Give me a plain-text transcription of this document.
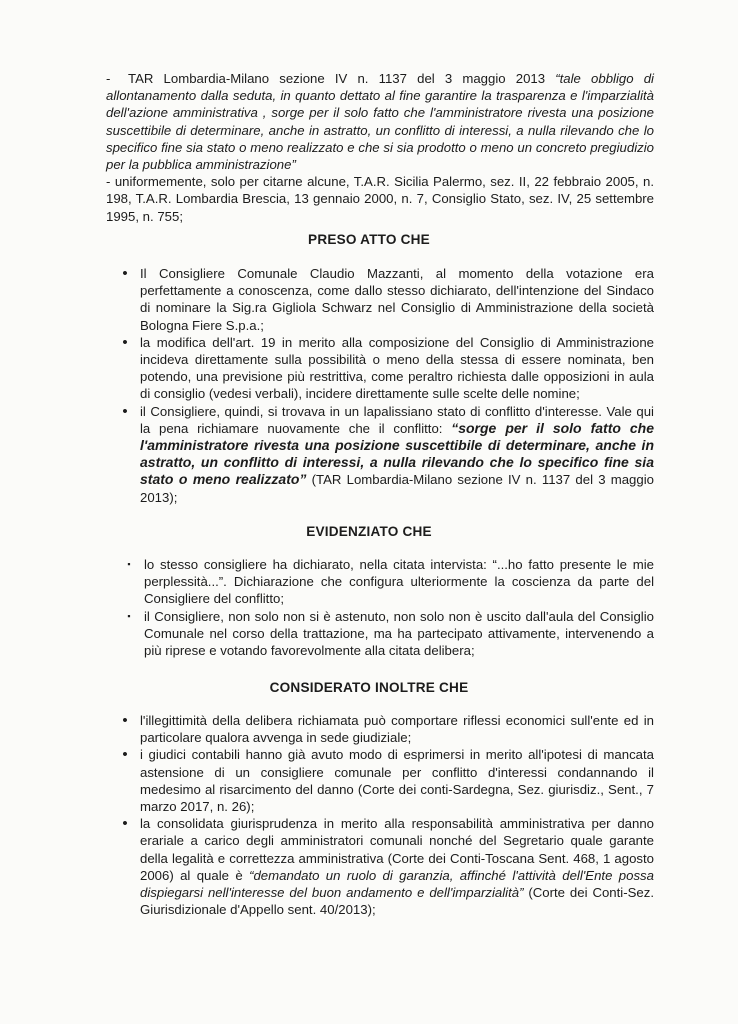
- TAR Lombardia-Milano sezione IV n. 1137 del 3 maggio 2013 “tale obbligo di allontanamento dalla seduta, in quanto dettato al fine garantire la trasparenza e l'imparzialità dell'azione amministrativa , sorge per il solo fatto che l'amministratore rivesta una posizione suscettibile di determinare, anche in astratto, un conflitto di interessi, a nulla rilevando che lo specifico fine sia stato o meno realizzato e che si sia prodotto o meno un concreto pregiudizio per la pubblica amministrazione”

- uniformemente, solo per citarne alcune, T.A.R. Sicilia Palermo, sez. II, 22 febbraio 2005, n. 198, T.A.R. Lombardia Brescia, 13 gennaio 2000, n. 7, Consiglio Stato, sez. IV, 25 settembre 1995, n. 755;

PRESO ATTO CHE
• Il Consigliere Comunale Claudio Mazzanti, al momento della votazione era perfettamente a conoscenza, come dallo stesso dichiarato, dell'intenzione del Sindaco di nominare la Sig.ra Gigliola Schwarz nel Consiglio di Amministrazione della società Bologna Fiere S.p.a.;
• la modifica dell'art. 19 in merito alla composizione del Consiglio di Amministrazione incideva direttamente sulla possibilità o meno della stessa di essere nominata, ben potendo, una previsione più restrittiva, come peraltro richiesta dalle opposizioni in aula di consiglio (vedesi verbali), incidere direttamente sulle scelte delle nomine;
• il Consigliere, quindi, si trovava in un lapalissiano stato di conflitto d'interesse. Vale qui la pena richiamare nuovamente che il conflitto: “sorge per il solo fatto che l'amministratore rivesta una posizione suscettibile di determinare, anche in astratto, un conflitto di interessi, a nulla rilevando che lo specifico fine sia stato o meno realizzato” (TAR Lombardia-Milano sezione IV n. 1137 del 3 maggio 2013);
EVIDENZIATO CHE
▪ lo stesso consigliere ha dichiarato, nella citata intervista: “...ho fatto presente le mie perplessità...”. Dichiarazione che configura ulteriormente la coscienza da parte del Consigliere del conflitto;
▪ il Consigliere, non solo non si è astenuto, non solo non è uscito dall'aula del Consiglio Comunale nel corso della trattazione, ma ha partecipato attivamente, intervenendo a più riprese e votando favorevolmente alla citata delibera;
CONSIDERATO INOLTRE CHE
• l'illegittimità della delibera richiamata può comportare riflessi economici sull'ente ed in particolare qualora avvenga in sede giudiziale;
• i giudici contabili hanno già avuto modo di esprimersi in merito all'ipotesi di mancata astensione di un consigliere comunale per conflitto d'interessi condannando il medesimo al risarcimento del danno (Corte dei conti-Sardegna, Sez. giurisdiz., Sent., 7 marzo 2017, n. 26);
• la consolidata giurisprudenza in merito alla responsabilità amministrativa per danno erariale a carico degli amministratori comunali nonché del Segretario quale garante della legalità e correttezza amministrativa (Corte dei Conti-Toscana Sent. 468, 1 agosto 2006) al quale è “demandato un ruolo di garanzia, affinché l'attività dell'Ente possa dispiegarsi nell'interesse del buon andamento e dell'imparzialità” (Corte dei Conti-Sez. Giurisdizionale d'Appello sent. 40/2013);
